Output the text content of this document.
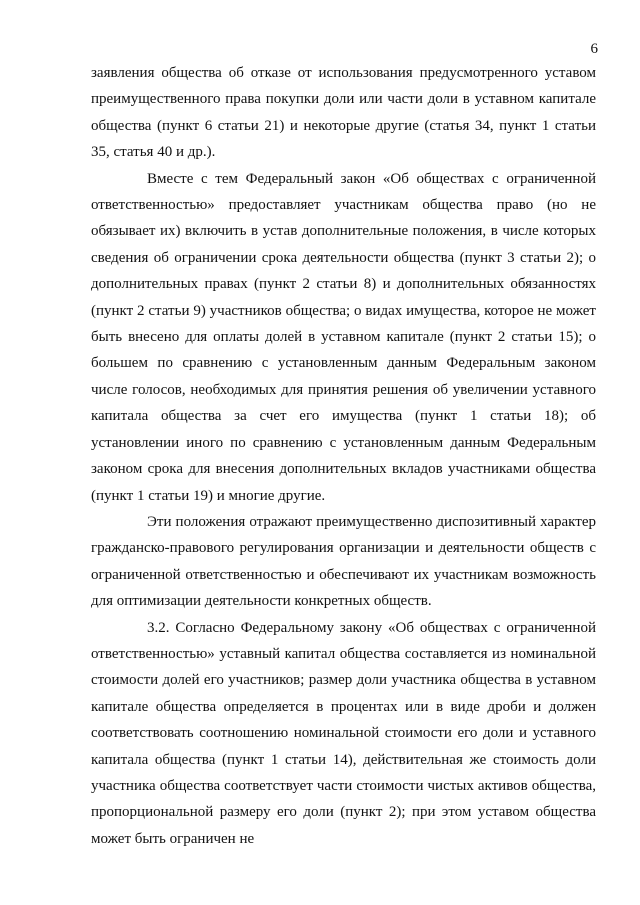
6

заявления общества об отказе от использования предусмотренного уставом преимущественного права покупки доли или части доли в уставном капитале общества (пункт 6 статьи 21) и некоторые другие (статья 34, пункт 1 статьи 35, статья 40 и др.).

Вместе с тем Федеральный закон «Об обществах с ограниченной ответственностью» предоставляет участникам общества право (но не обязывает их) включить в устав дополнительные положения, в числе которых сведения об ограничении срока деятельности общества (пункт 3 статьи 2); о дополнительных правах (пункт 2 статьи 8) и дополнительных обязанностях (пункт 2 статьи 9) участников общества; о видах имущества, которое не может быть внесено для оплаты долей в уставном капитале (пункт 2 статьи 15); о большем по сравнению с установленным данным Федеральным законом числе голосов, необходимых для принятия решения об увеличении уставного капитала общества за счет его имущества (пункт 1 статьи 18); об установлении иного по сравнению с установленным данным Федеральным законом срока для внесения дополнительных вкладов участниками общества (пункт 1 статьи 19) и многие другие.

Эти положения отражают преимущественно диспозитивный характер гражданско-правового регулирования организации и деятельности обществ с ограниченной ответственностью и обеспечивают их участникам возможность для оптимизации деятельности конкретных обществ.

3.2. Согласно Федеральному закону «Об обществах с ограниченной ответственностью» уставный капитал общества составляется из номинальной стоимости долей его участников; размер доли участника общества в уставном капитале общества определяется в процентах или в виде дроби и должен соответствовать соотношению номинальной стоимости его доли и уставного капитала общества (пункт 1 статьи 14), действительная же стоимость доли участника общества соответствует части стоимости чистых активов общества, пропорциональной размеру его доли (пункт 2); при этом уставом общества может быть ограничен не
